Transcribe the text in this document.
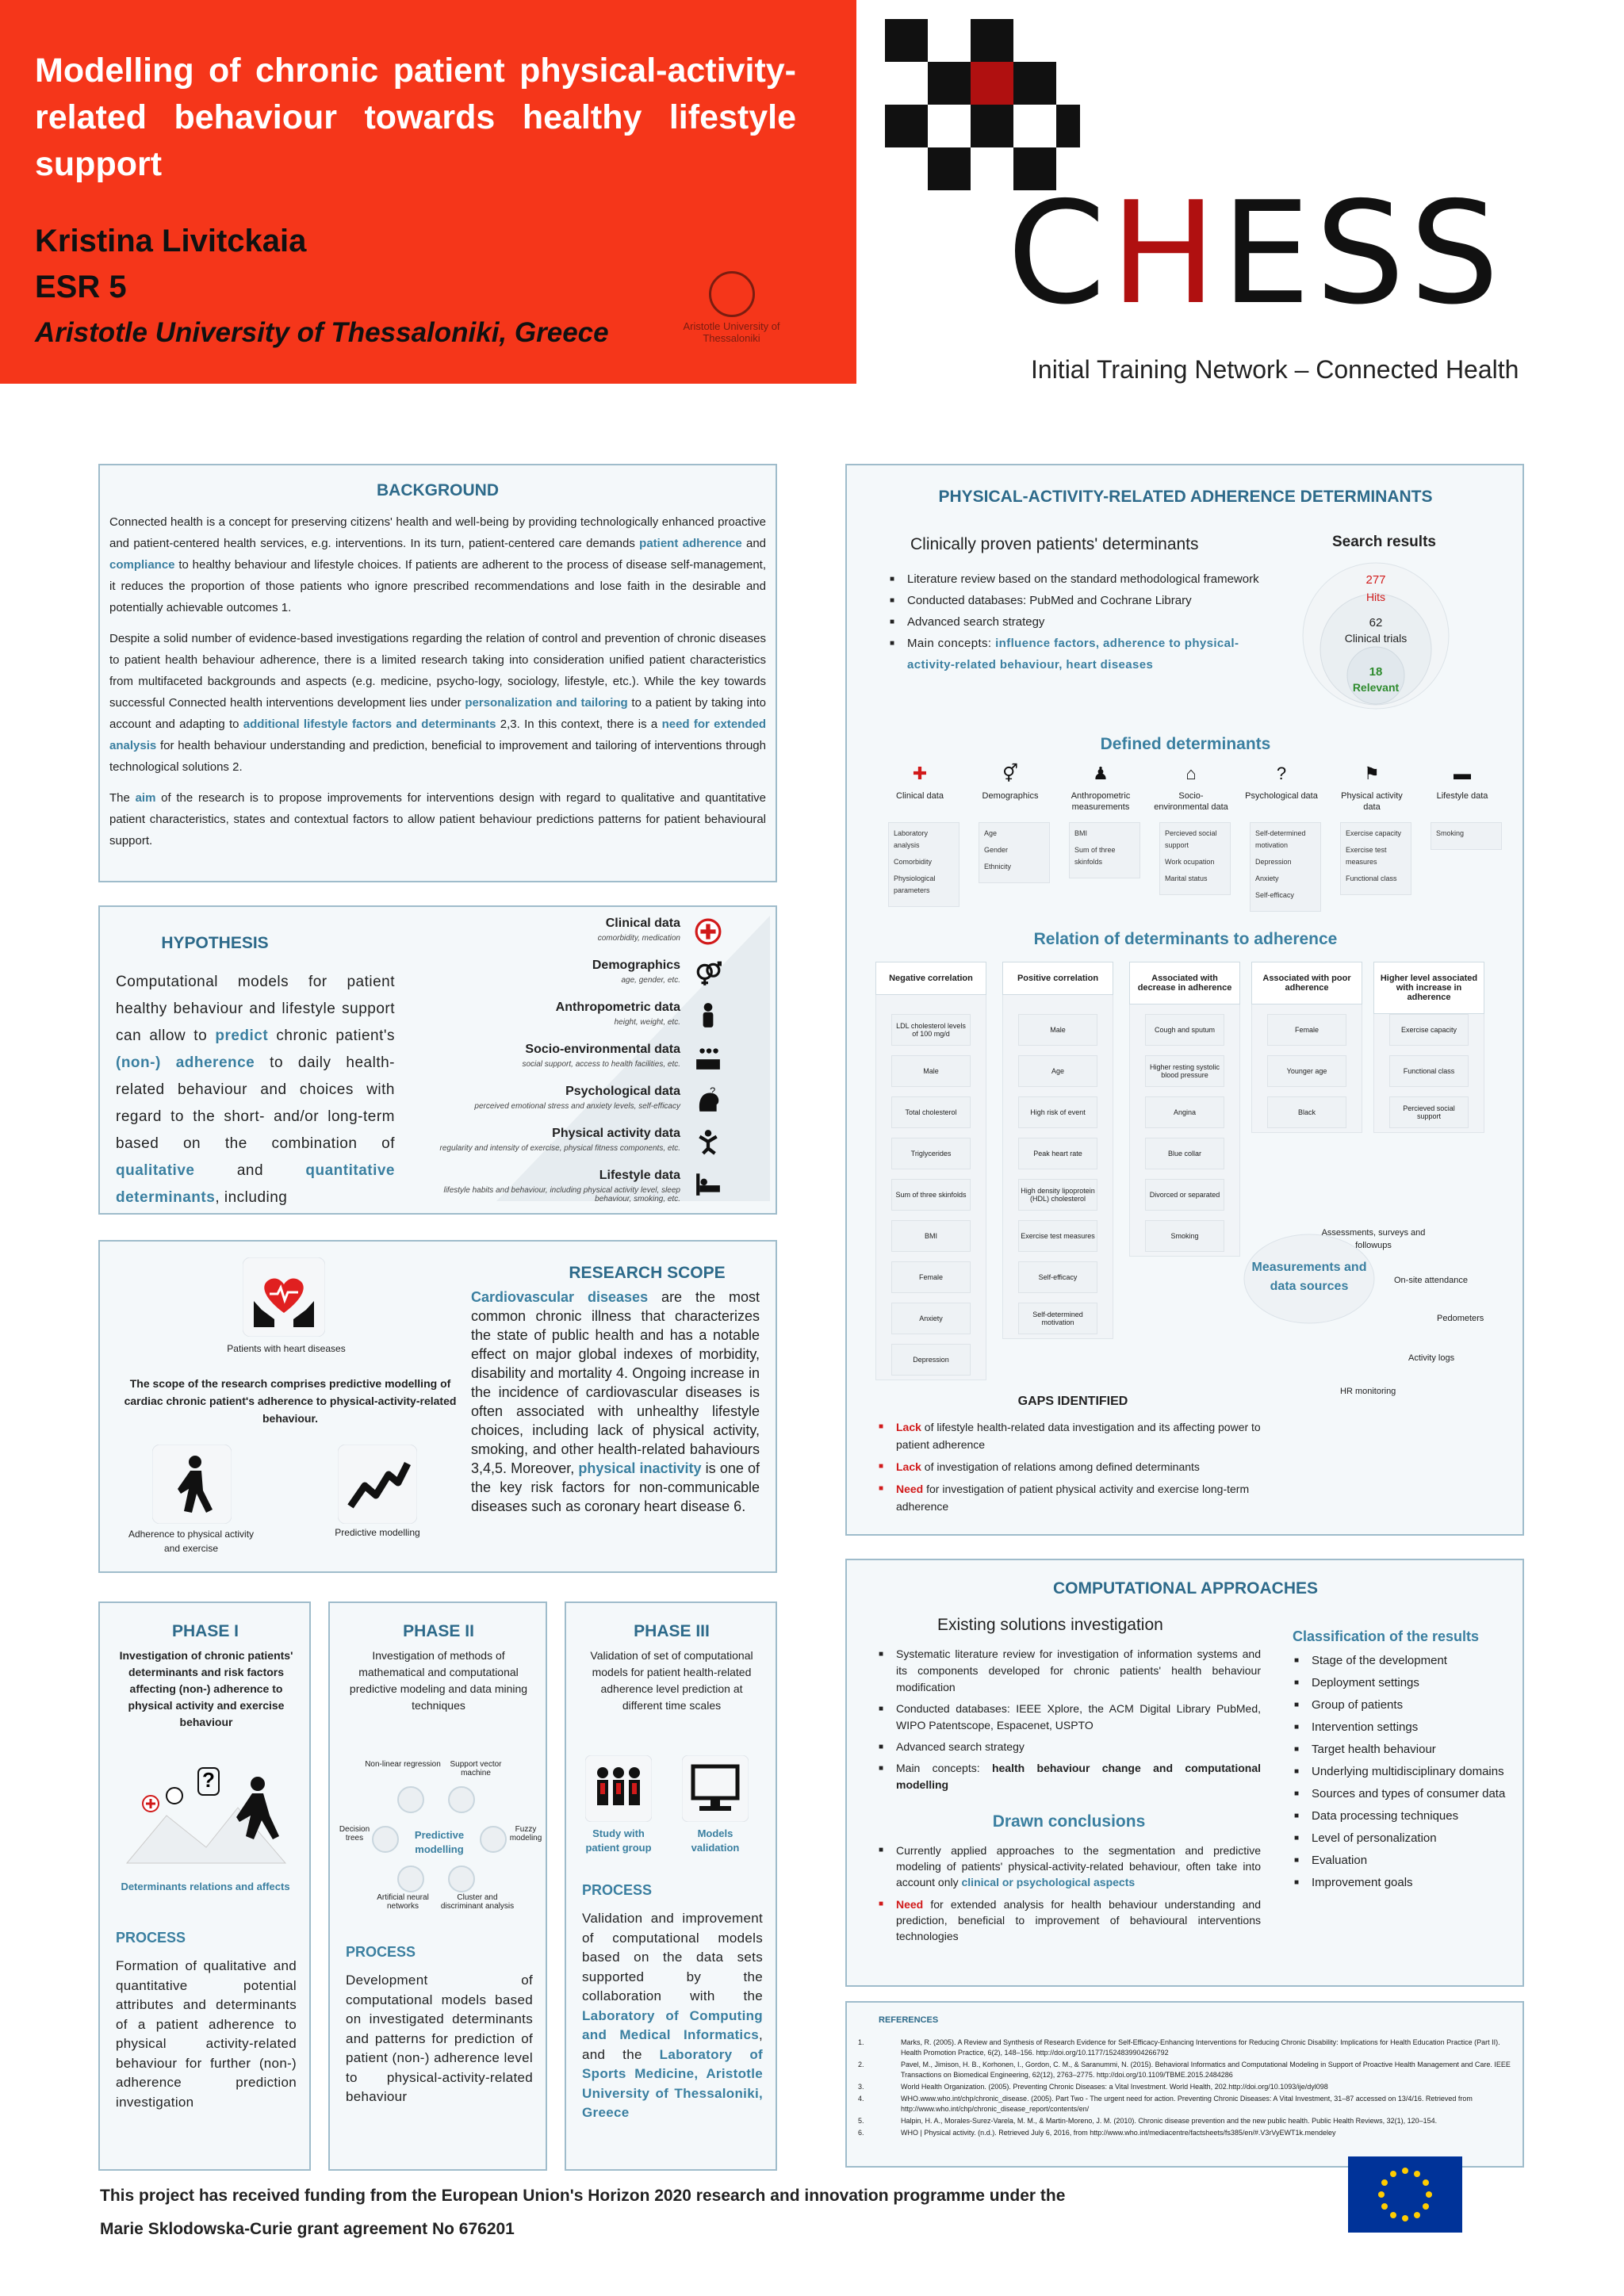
Modelling of chronic patient physical-activity-related behaviour towards healthy lifestyle support
Kristina Livitckaia
ESR 5
Aristotle University of Thessaloniki, Greece	Aristotle University of Thessaloniki
CHESS
Initial Training Network – Connected Health
BACKGROUND
Connected health is a concept for preserving citizens' health and well-being by providing technologically enhanced proactive and patient-centered health services, e.g. interventions. In its turn, patient-centered care demands patient adherence and compliance to healthy behaviour and lifestyle choices. If patients are adherent to the process of disease self-management, it reduces the proportion of those patients who ignore prescribed recommendations and lose faith in the desirable and potentially achievable outcomes 1.
Despite a solid number of evidence-based investigations regarding the relation of control and prevention of chronic diseases to patient health behaviour adherence, there is a limited research taking into consideration unified patient characteristics from multifaceted backgrounds and aspects (e.g. medicine, psycho-logy, sociology, lifestyle, etc.). While the key towards successful Connected health interventions development lies under personalization and tailoring to a patient by taking into account and adapting to additional lifestyle factors and determinants 2,3. In this context, there is a need for extended analysis for health behaviour understanding and prediction, beneficial to improvement and tailoring of interventions through technological solutions 2.
The aim of the research is to propose improvements for interventions design with regard to qualitative and quantitative patient characteristics, states and contextual factors to allow patient behaviour predictions patterns for patient behavioural support.
HYPOTHESIS
Computational models for patient healthy behaviour and lifestyle support can allow to predict chronic patient's (non-) adherence to daily health-related behaviour and choices with regard to the short- and/or long-term based on the combination of qualitative and quantitative determinants, including
Clinical data
comorbidity, medication
Demographics
age, gender, etc.
Anthropometric data
height, weight, etc.
Socio-environmental data
social support, access to health facilities, etc.
Psychological data
perceived emotional stress and anxiety levels, self-efficacy
?
Physical activity data
regularity and intensity of exercise, physical fitness components, etc.
Lifestyle data
lifestyle habits and behaviour, including physical activity level, sleep behaviour, smoking, etc.
RESEARCH SCOPE
Patients with heart diseases
The scope of the research comprises predictive modelling of cardiac chronic patient's adherence to physical-activity-related behaviour.
Adherence to physical activity and exercise
Predictive modelling
Cardiovascular diseases are the most common chronic illness that characterizes the state of public health and has a notable effect on major global indexes of morbidity, disability and mortality 4. Ongoing increase in the incidence of cardiovascular diseases is often associated with unhealthy lifestyle choices, including lack of physical activity, smoking, and other health-related bahaviours 3,4,5. Moreover, physical inactivity is one of the key risk factors for non-communicable diseases such as coronary heart disease 6.
PHASE I
Investigation of chronic patients' determinants and risk factors affecting (non-) adherence to physical activity and exercise behaviour
?
Determinants relations and affects
PROCESS
Formation of qualitative and quantitative potential attributes and determinants of a patient adherence to physical activity-related behaviour for further (non-) adherence prediction investigation
PHASE II
Investigation of methods of mathematical and computational predictive modeling and data mining techniques
Predictive modelling
Non-linear regression	Support vector machine
Decision trees
Fuzzy modeling
Artificial neural networks
Cluster and discriminant analysis
PROCESS
Development of computational models based on investigated determinants and patterns for prediction of patient (non-) adherence level to physical-activity-related behaviour
PHASE III
Validation of set of computational models for patient health-related adherence level prediction at different time scales
Study with patient group
Models validation
PROCESS
Validation and improvement of computational models based on the data sets supported by the collaboration with the Laboratory of Computing and Medical Informatics, and the Laboratory of Sports Medicine, Aristotle University of Thessaloniki, Greece
PHYSICAL-ACTIVITY-RELATED ADHERENCE DETERMINANTS
Clinically proven patients' determinants
■ Literature review based on the standard methodological framework
■ Conducted databases: PubMed and Cochrane Library
■ Advanced search strategy
■ Main concepts: influence factors, adherence to physical-activity-related behaviour, heart diseases
Search results
277
Hits
62
Clinical trials
18
Relevant
Defined determinants
✚
Clinical data
Laboratory analysis
Comorbidity
Physiological parameters
⚥
Demographics
Age
Gender
Ethnicity
♟
Anthropometric measurements
BMI
Sum of three skinfolds
⌂
Socio-environmental data
Percieved social support
Work ocupation
Marital status
?
Psychological data
Self-determined motivation
Depression
Anxiety
Self-efficacy
⚑
Physical activity data
Exercise capacity
Exercise test measures
Functional class
▬
Lifestyle data
Smoking
Relation of determinants to adherence
Negative correlation
LDL cholesterol levels of 100 mg/d
Male
Total cholesterol
Triglycerides
Sum of three skinfolds
BMI
Female
Anxiety
Depression
Positive correlation
Male
Age
High risk of event
Peak heart rate
High density lipoprotein (HDL) cholesterol
Exercise test measures
Self-efficacy
Self-determined motivation
Associated with decrease in adherence
Cough and sputum
Higher resting systolic blood pressure
Angina
Blue collar
Divorced or separated
Smoking
Associated with poor adherence
Female
Younger age
Black
Higher level associated with increase in adherence
Exercise capacity
Functional class
Percieved social support
Measurements and data sources
Assessments, surveys and followups
On-site attendance
Pedometers
Activity logs
HR monitoring
GAPS IDENTIFIED
■ Lack of lifestyle health-related data investigation and its affecting power to patient adherence
■ Lack of investigation of relations among defined determinants
■ Need for investigation of patient physical activity and exercise long-term adherence
COMPUTATIONAL APPROACHES
Existing solutions investigation
■ Systematic literature review for investigation of information systems and its components developed for chronic patients' health behaviour modification
■ Conducted databases: IEEE Xplore, the ACM Digital Library PubMed, WIPO Patentscope, Espacenet, USPTO
■ Advanced search strategy
■ Main concepts: health behaviour change and computational modelling
Drawn conclusions
■ Currently applied approaches to the segmentation and predictive modeling of patients' physical-activity-related behaviour, often take into account only clinical or psychological aspects
■ Need for extended analysis for health behaviour understanding and prediction, beneficial to improvement of behavioural interventions technologies
Classification of the results
■ Stage of the development
■ Deployment settings
■ Group of patients
■ Intervention settings
■ Target health behaviour
■ Underlying multidisciplinary domains
■ Sources and types of consumer data
■ Data processing techniques
■ Level of personalization
■ Evaluation
■ Improvement goals
REFERENCES
1.	Marks, R. (2005). A Review and Synthesis of Research Evidence for Self-Efficacy-Enhancing Interventions for Reducing Chronic Disability: Implications for Health Education Practice (Part II). Health Promotion Practice, 6(2), 148–156. http://doi.org/10.1177/1524839904266792
2.	Pavel, M., Jimison, H. B., Korhonen, I., Gordon, C. M., & Saranummi, N. (2015). Behavioral Informatics and Computational Modeling in Support of Proactive Health Management and Care. IEEE Transactions on Biomedical Engineering, 62(12), 2763–2775. http://doi.org/10.1109/TBME.2015.2484286
3.	World Health Organization. (2005). Preventing Chronic Diseases: a Vital Investment. World Health, 202.http://doi.org/10.1093/ije/dyl098
4.	WHO.www.who.int/chp/chronic_disease. (2005). Part Two - The urgent need for action. Preventing Chronic Diseases: A Vital Investment, 31–87 accessed on 13/4/16. Retrieved from http://www.who.int/chp/chronic_disease_report/contents/en/
5.	Halpin, H. A., Morales-Surez-Varela, M. M., & Martin-Moreno, J. M. (2010). Chronic disease prevention and the new public health. Public Health Reviews, 32(1), 120–154.
6.	WHO | Physical activity. (n.d.). Retrieved July 6, 2016, from http://www.who.int/mediacentre/factsheets/fs385/en/#.V3rVyEWT1k.mendeley
This project has received funding from the European Union's Horizon 2020 research and innovation programme under the
Marie Sklodowska-Curie grant agreement No 676201
